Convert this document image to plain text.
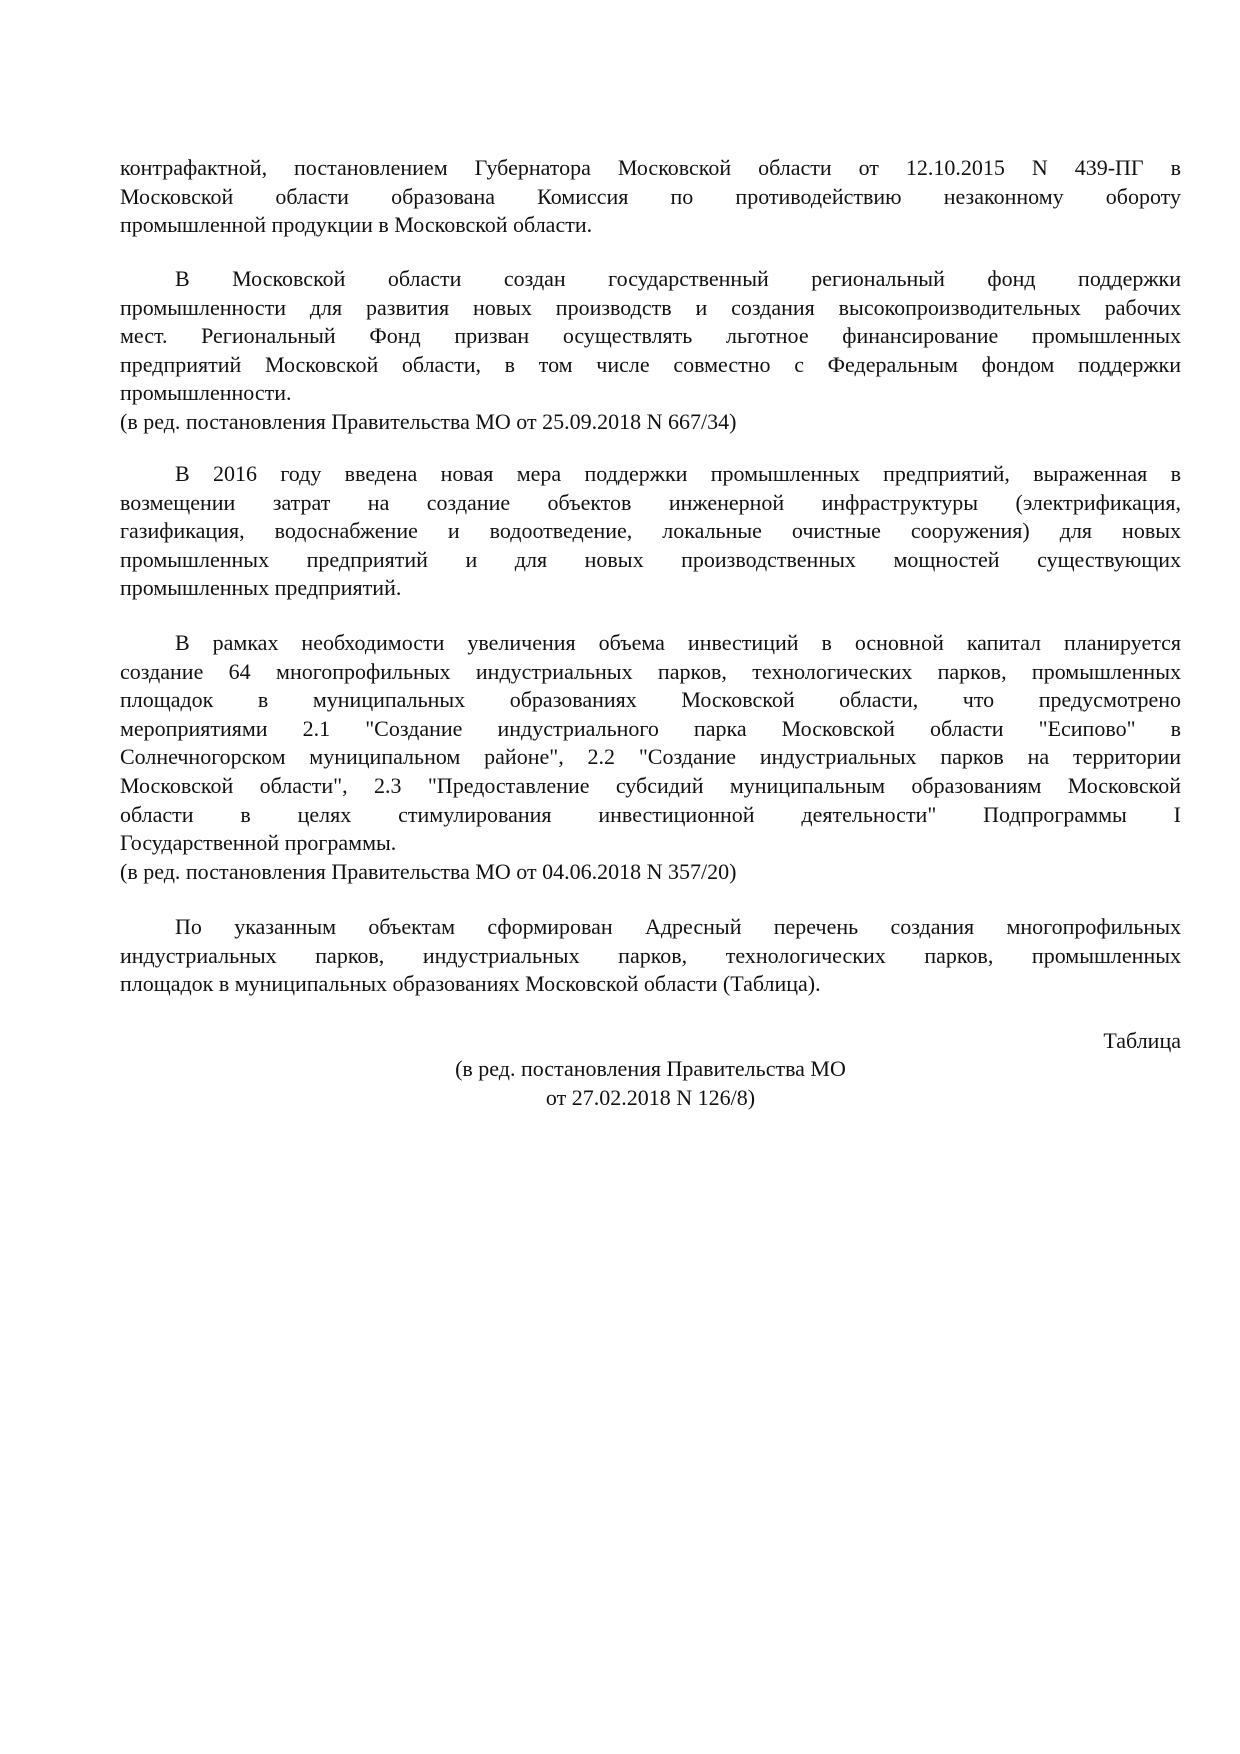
контрафактной, постановлением Губернатора Московской области от 12.10.2015 N 439-ПГ в
Московской области образована Комиссия по противодействию незаконному обороту
промышленной продукции в Московской области.
В Московской области создан государственный региональный фонд поддержки
промышленности для развития новых производств и создания высокопроизводительных рабочих
мест. Региональный Фонд призван осуществлять льготное финансирование промышленных
предприятий Московской области, в том числе совместно с Федеральным фондом поддержки
промышленности.
(в ред. постановления Правительства МО от 25.09.2018 N 667/34)
В 2016 году введена новая мера поддержки промышленных предприятий, выраженная в
возмещении затрат на создание объектов инженерной инфраструктуры (электрификация,
газификация, водоснабжение и водоотведение, локальные очистные сооружения) для новых
промышленных предприятий и для новых производственных мощностей существующих
промышленных предприятий.
В рамках необходимости увеличения объема инвестиций в основной капитал планируется
создание 64 многопрофильных индустриальных парков, технологических парков, промышленных
площадок в муниципальных образованиях Московской области, что предусмотрено
мероприятиями 2.1 "Создание индустриального парка Московской области "Есипово" в
Солнечногорском муниципальном районе", 2.2 "Создание индустриальных парков на территории
Московской области", 2.3 "Предоставление субсидий муниципальным образованиям Московской
области в целях стимулирования инвестиционной деятельности" Подпрограммы I
Государственной программы.
(в ред. постановления Правительства МО от 04.06.2018 N 357/20)
По указанным объектам сформирован Адресный перечень создания многопрофильных
индустриальных парков, индустриальных парков, технологических парков, промышленных
площадок в муниципальных образованиях Московской области (Таблица).
Таблица
(в ред. постановления Правительства МО
от 27.02.2018 N 126/8)
